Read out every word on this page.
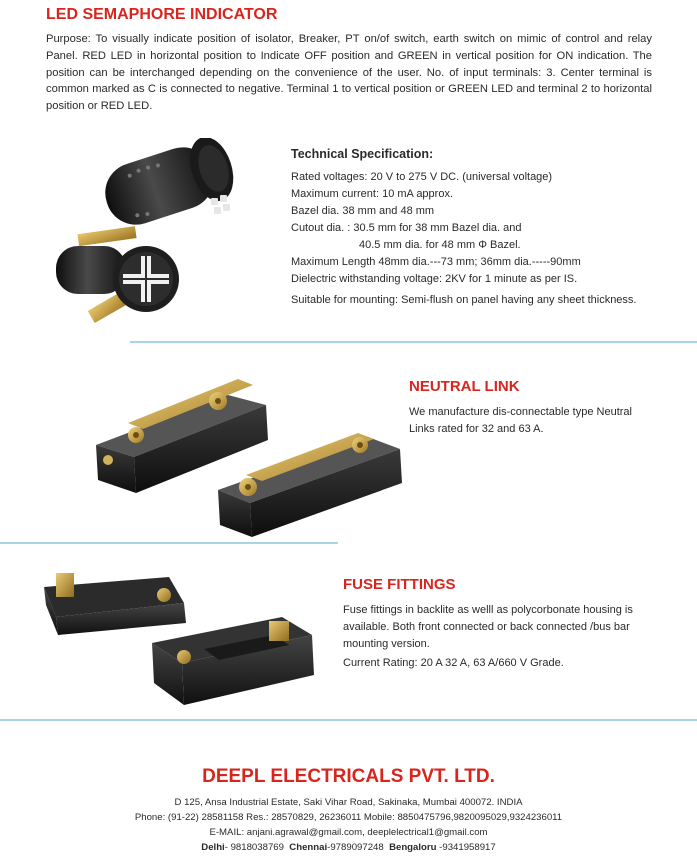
LED SEMAPHORE INDICATOR
Purpose: To visually indicate position of isolator, Breaker, PT on/of switch, earth switch on mimic of control and relay Panel. RED LED in horizontal position to Indicate OFF position and GREEN in vertical position for ON indication. The position can be interchanged depending on the convenience of the user. No. of input terminals: 3. Center terminal is common marked as C is connected to negative. Terminal 1 to vertical position or GREEN LED and terminal 2 to horizontal position or RED LED.
Technical Specification:
Rated voltages: 20 V to 275 V DC. (universal voltage)
Maximum current: 10 mA approx.
Bazel dia. 38 mm and 48 mm
Cutout dia. : 30.5 mm for 38 mm Bazel dia. and
40.5 mm dia. for 48 mm Φ Bazel.
Maximum Length 48mm dia.---73 mm; 36mm dia.-----90mm
Dielectric withstanding voltage: 2KV for 1 minute as per IS.
Suitable for mounting: Semi-flush on panel having any sheet thickness.
NEUTRAL LINK
We manufacture dis-connectable type Neutral Links rated for 32 and 63 A.
FUSE FITTINGS
Fuse fittings in backlite as welll as polycorbonate housing is available. Both front connected or back connected /bus bar mounting version.
Current Rating: 20 A 32 A, 63 A/660 V Grade.
DEEPL ELECTRICALS PVT. LTD.
D 125, Ansa Industrial Estate, Saki Vihar Road, Sakinaka, Mumbai 400072. INDIA
Phone: (91-22) 28581158 Res.: 28570829, 26236011 Mobile: 8850475796,9820095029,9324236011
E-MAIL: anjani.agrawal@gmail.com, deeplelectrical1@gmail.com
Delhi- 9818038769 Chennai-9789097248 Bengaloru -9341958917
